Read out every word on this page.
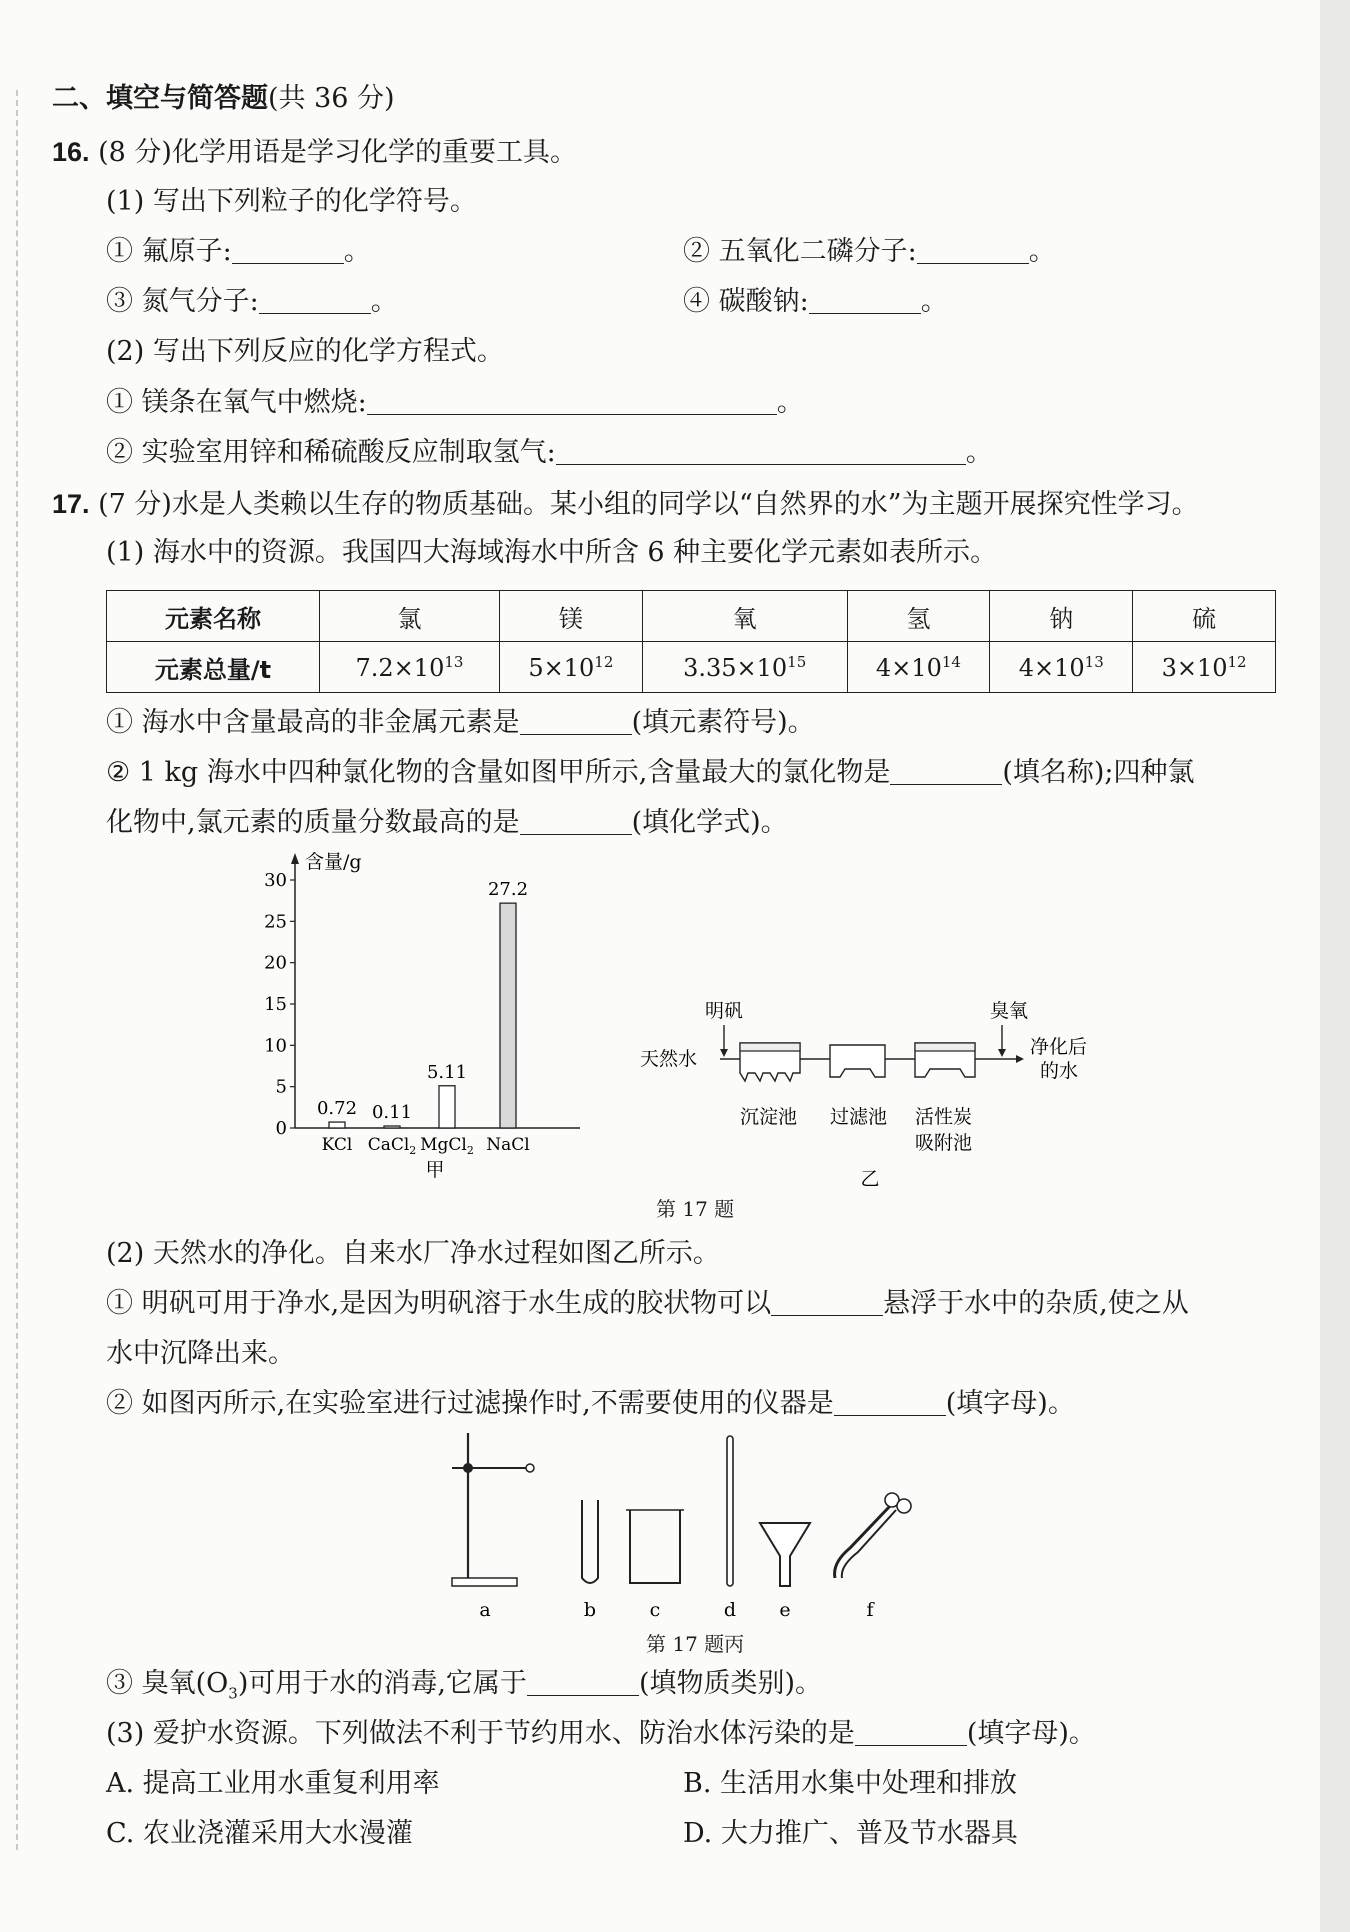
二、填空与简答题(共 36 分)
16. (8 分)化学用语是学习化学的重要工具。
(1) 写出下列粒子的化学符号。
① 氟原子:	。	② 五氧化二磷分子:	。
③ 氮气分子:	。	④ 碳酸钠:	。
(2) 写出下列反应的化学方程式。
① 镁条在氧气中燃烧:	。
② 实验室用锌和稀硫酸反应制取氢气:	。
17. (7 分)水是人类赖以生存的物质基础。某小组的同学以“自然界的水”为主题开展探究性学习。
(1) 海水中的资源。我国四大海域海水中所含 6 种主要化学元素如表所示。
元素名称	氯	镁	氧	氢	钠	硫
元素总量/t	$7.2\times 10^{13}$	$5\times 10^{12}$	$3.35\times 10^{15}$	$4\times 10^{14}$	$4\times 10^{13}$	$3\times 10^{12}$
① 海水中含量最高的非金属元素是	(填元素符号)。
② 1 kg 海水中四种氯化物的含量如图甲所示,含量最大的氯化物是	(填名称);四种氯
化物中,氯元素的质量分数最高的是	(填化学式)。
含量/g
0
5
10
15
20
25
30
0.72
KCl
0.11
CaCl$_2$
5.11
MgCl$_2$
27.2
NaCl
甲
明矾	臭氧
天然水
净化后
的水
沉淀池 过滤池 活性炭
吸附池
乙
第 17 题
(2) 天然水的净化。自来水厂净水过程如图乙所示。
① 明矾可用于净水,是因为明矾溶于水生成的胶状物可以	悬浮于水中的杂质,使之从
水中沉降出来。
② 如图丙所示,在实验室进行过滤操作时,不需要使用的仪器是	(填字母)。
a	b	c	d e	f
第 17 题丙
③ 臭氧$(O_3)$可用于水的消毒,它属于	(填物质类别)。
(3) 爱护水资源。下列做法不利于节约用水、防治水体污染的是	(填字母)。
A. 提高工业用水重复利用率	B. 生活用水集中处理和排放
C. 农业浇灌采用大水漫灌	D. 大力推广、普及节水器具
